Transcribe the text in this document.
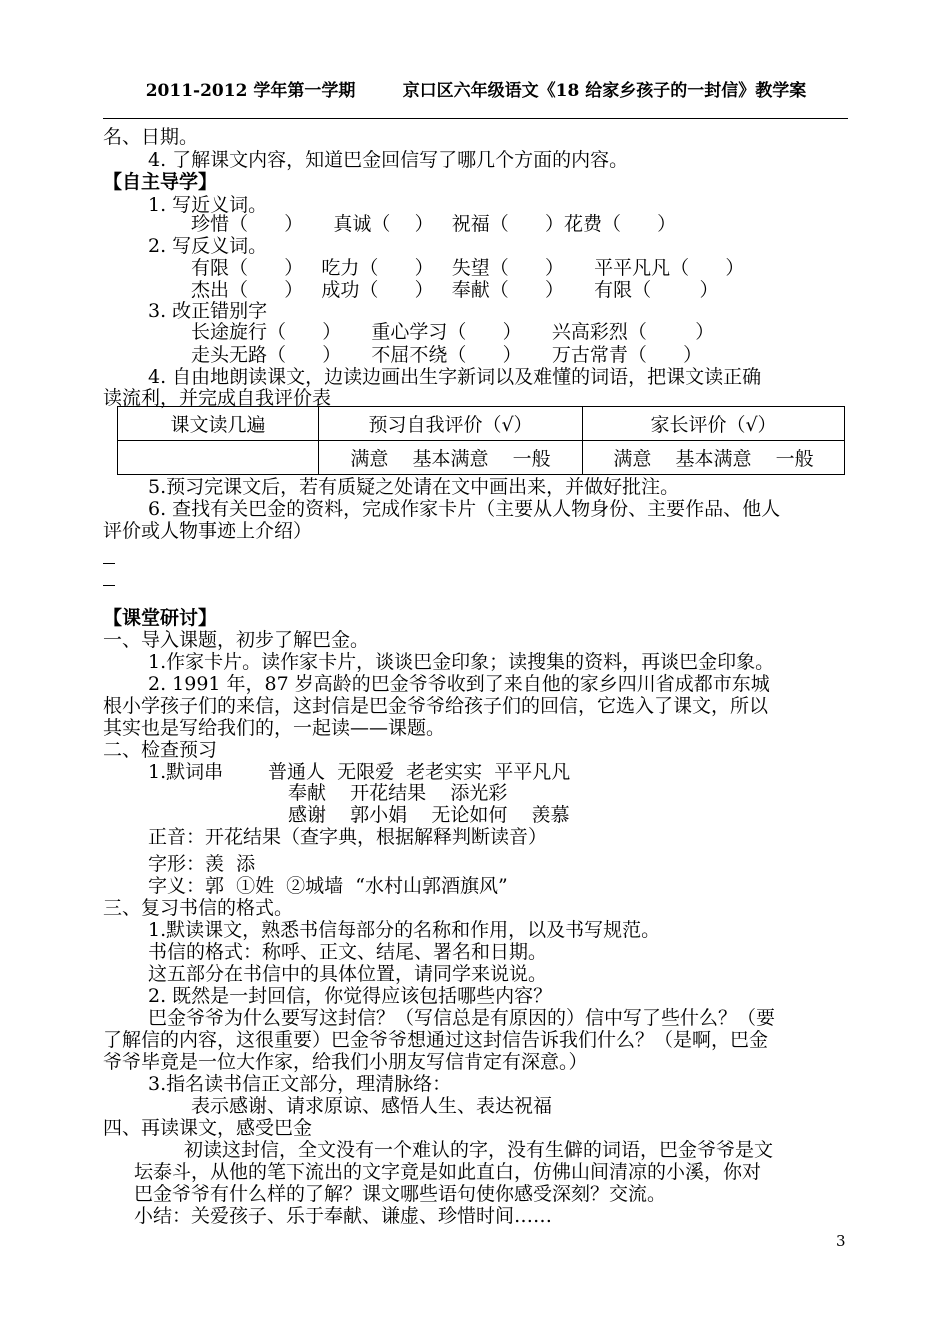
2011-2012 学年第一学期	京口区六年级语文《18 给家乡孩子的一封信》教学案
名、日期。
4. 了解课文内容，知道巴金回信写了哪几个方面的内容。
【自主导学】
1. 写近义词。
珍惜（      ）     真诚（    ）   祝福（      ）花费（      ）
2. 写反义词。
有限（      ）   吃力（      ）   失望（      ）     平平凡凡（      ）
杰出（      ）   成功（      ）   奉献（      ）     有限（        ）
3. 改正错别字
长途旋行（      ）     重心学习（      ）     兴高彩烈（        ）
走头无路（      ）     不屈不绕（      ）     万古常青（      ）
4. 自由地朗读课文，边读边画出生字新词以及难懂的词语，把课文读正确
读流利，并完成自我评价表
课文读几遍	预习自我评价（√）	家长评价（√）
	满意    基本满意    一般	满意    基本满意    一般
5.预习完课文后，若有质疑之处请在文中画出来，并做好批注。
6. 查找有关巴金的资料，完成作家卡片（主要从人物身份、主要作品、他人
评价或人物事迹上介绍）
【课堂研讨】
一、导入课题，初步了解巴金。
1.作家卡片。读作家卡片，谈谈巴金印象；读搜集的资料，再谈巴金印象。
2. 1991 年，87 岁高龄的巴金爷爷收到了来自他的家乡四川省成都市东城
根小学孩子们的来信，这封信是巴金爷爷给孩子们的回信，它选入了课文，所以
其实也是写给我们的，一起读——课题。
二、检查预习
1.默词串 普通人  无限爱  老老实实  平平凡凡
奉献    开花结果    添光彩
感谢    郭小娟    无论如何    羡慕
正音：开花结果（查字典，根据解释判断读音）
字形：羡  添
字义：郭  ①姓  ②城墙  “水村山郭酒旗风”
三、复习书信的格式。
1.默读课文，熟悉书信每部分的名称和作用，以及书写规范。
书信的格式：称呼、正文、结尾、署名和日期。
这五部分在书信中的具体位置，请同学来说说。
2. 既然是一封回信，你觉得应该包括哪些内容？
巴金爷爷为什么要写这封信？（写信总是有原因的）信中写了些什么？（要
了解信的内容，这很重要）巴金爷爷想通过这封信告诉我们什么？（是啊，巴金
爷爷毕竟是一位大作家，给我们小朋友写信肯定有深意。）
3.指名读书信正文部分，理清脉络：
表示感谢、请求原谅、感悟人生、表达祝福
四、再读课文，感受巴金
初读这封信，全文没有一个难认的字，没有生僻的词语，巴金爷爷是文
坛泰斗，从他的笔下流出的文字竟是如此直白，仿佛山间清凉的小溪，你对
巴金爷爷有什么样的了解？课文哪些语句使你感受深刻？交流。
小结：关爱孩子、乐于奉献、谦虚、珍惜时间……
3
